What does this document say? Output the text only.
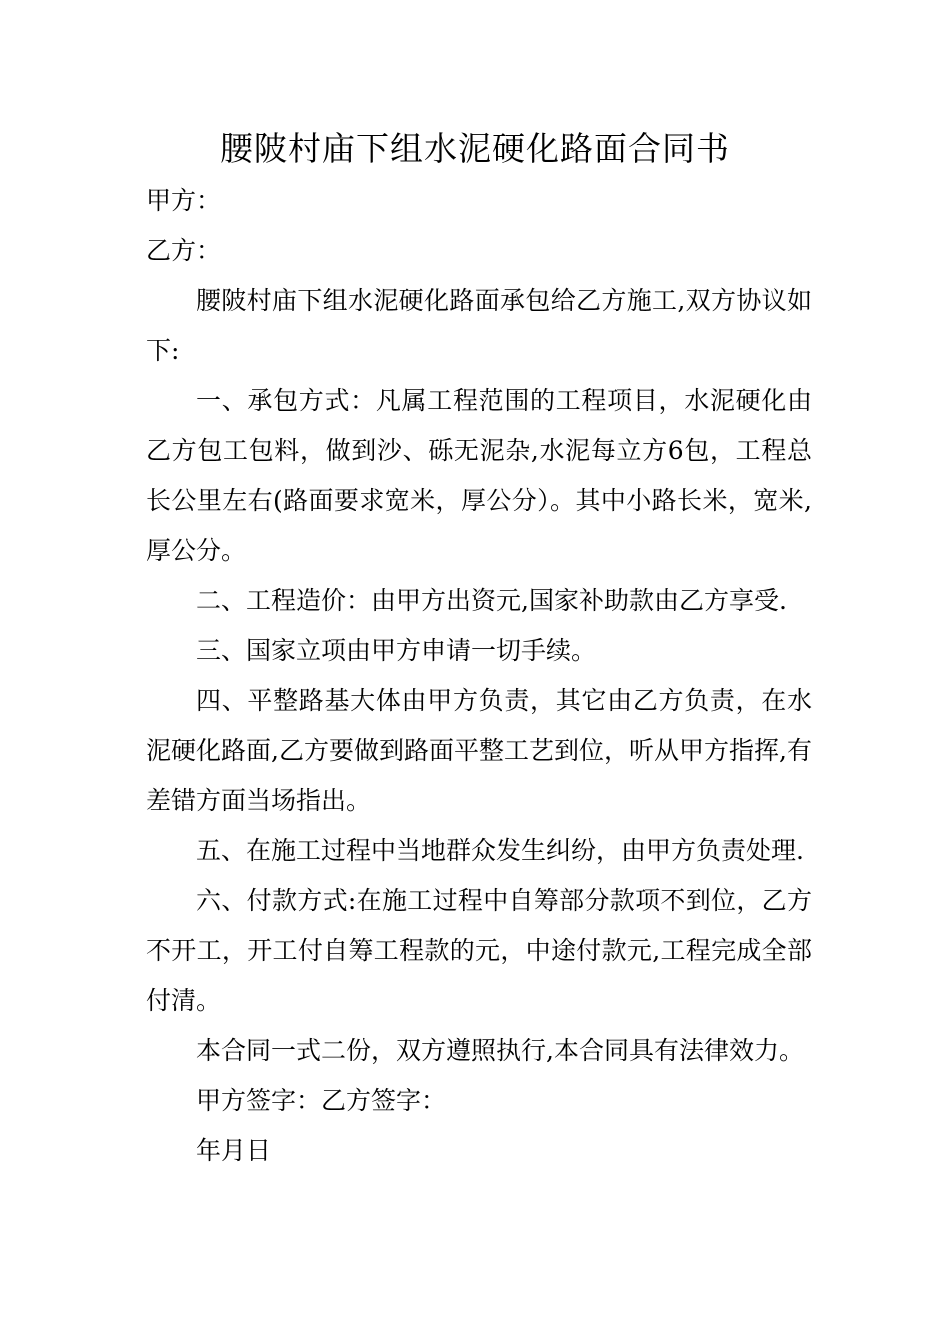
腰陂村庙下组水泥硬化路面合同书

甲方：

乙方：

腰陂村庙下组水泥硬化路面承包给乙方施工,双方协议如下:

一、承包方式：凡属工程范围的工程项目，水泥硬化由乙方包工包料，做到沙、砾无泥杂,水泥每立方6包，工程总长公里左右(路面要求宽米，厚公分）。其中小路长米，宽米,厚公分。

二、工程造价：由甲方出资元,国家补助款由乙方享受.

三、国家立项由甲方申请一切手续。

四、平整路基大体由甲方负责，其它由乙方负责，在水泥硬化路面,乙方要做到路面平整工艺到位，听从甲方指挥,有差错方面当场指出。

五、在施工过程中当地群众发生纠纷，由甲方负责处理.

六、付款方式:在施工过程中自筹部分款项不到位，乙方不开工，开工付自筹工程款的元，中途付款元,工程完成全部付清。

本合同一式二份，双方遵照执行,本合同具有法律效力。

甲方签字：乙方签字：

年月日
